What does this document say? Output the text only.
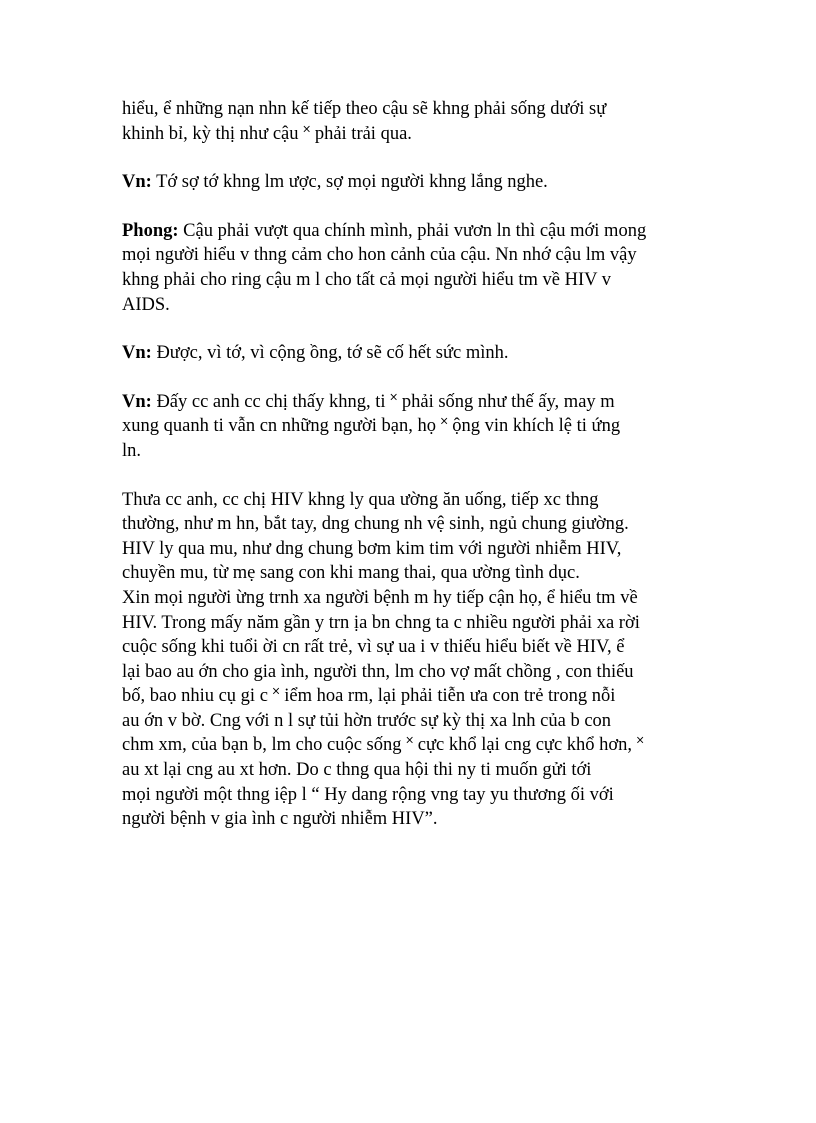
hiểu, ể những nạn nhn kế tiếp theo cậu sẽ khng phải sống dưới sự
khinh bỉ, kỳ thị như cậu ˟ phải trải qua.

Vn: Tớ sợ tớ khng lm ược, sợ mọi người khng lắng nghe.

Phong: Cậu phải vượt qua chính mình, phải vươn ln thì cậu mới mong
mọi người hiểu v thng cảm cho hon cảnh của cậu. Nn nhớ cậu lm vậy
khng phải cho ring cậu m l cho tất cả mọi người hiểu tm về HIV v
AIDS.

Vn: Được, vì tớ, vì cộng ồng, tớ sẽ cố hết sức mình.

Vn: Đấy cc anh cc chị thấy khng, ti ˟ phải sống như thế ấy, may m
xung quanh ti vẫn cn những người bạn, họ ˟ ộng vin khích lệ ti ứng
ln.

Thưa cc anh, cc chị HIV khng ly qua ường ăn uống, tiếp xc thng
thường, như m hn, bắt tay, dng chung nh vệ sinh, ngủ chung giường.
HIV ly qua mu, như dng chung bơm kim tim với người nhiễm HIV,
chuyền mu, từ mẹ sang con khi mang thai, qua ường tình dục.
Xin mọi người ừng trnh xa người bệnh m hy tiếp cận họ, ể hiểu tm về
HIV. Trong mấy năm gần y trn ịa bn chng ta c nhiều người phải xa rời
cuộc sống khi tuổi ời cn rất trẻ, vì sự ua i v thiếu hiểu biết về HIV, ể
lại bao au ớn cho gia ình, người thn, lm cho vợ mất chồng , con thiếu
bố, bao nhiu cụ gi c ˟ iểm hoa rm, lại phải tiễn ưa con trẻ trong nỗi
au ớn v bờ. Cng với n l sự tủi hờn trước sự kỳ thị xa lnh của b con
chm xm, của bạn b, lm cho cuộc sống ˟ cực khổ lại cng cực khổ hơn, ˟
au xt lại cng au xt hơn. Do c thng qua hội thi ny ti muốn gửi tới
mọi người một thng iệp l “ Hy dang rộng vng tay yu thương ối với
người bệnh v gia ình c người nhiễm HIV”.
